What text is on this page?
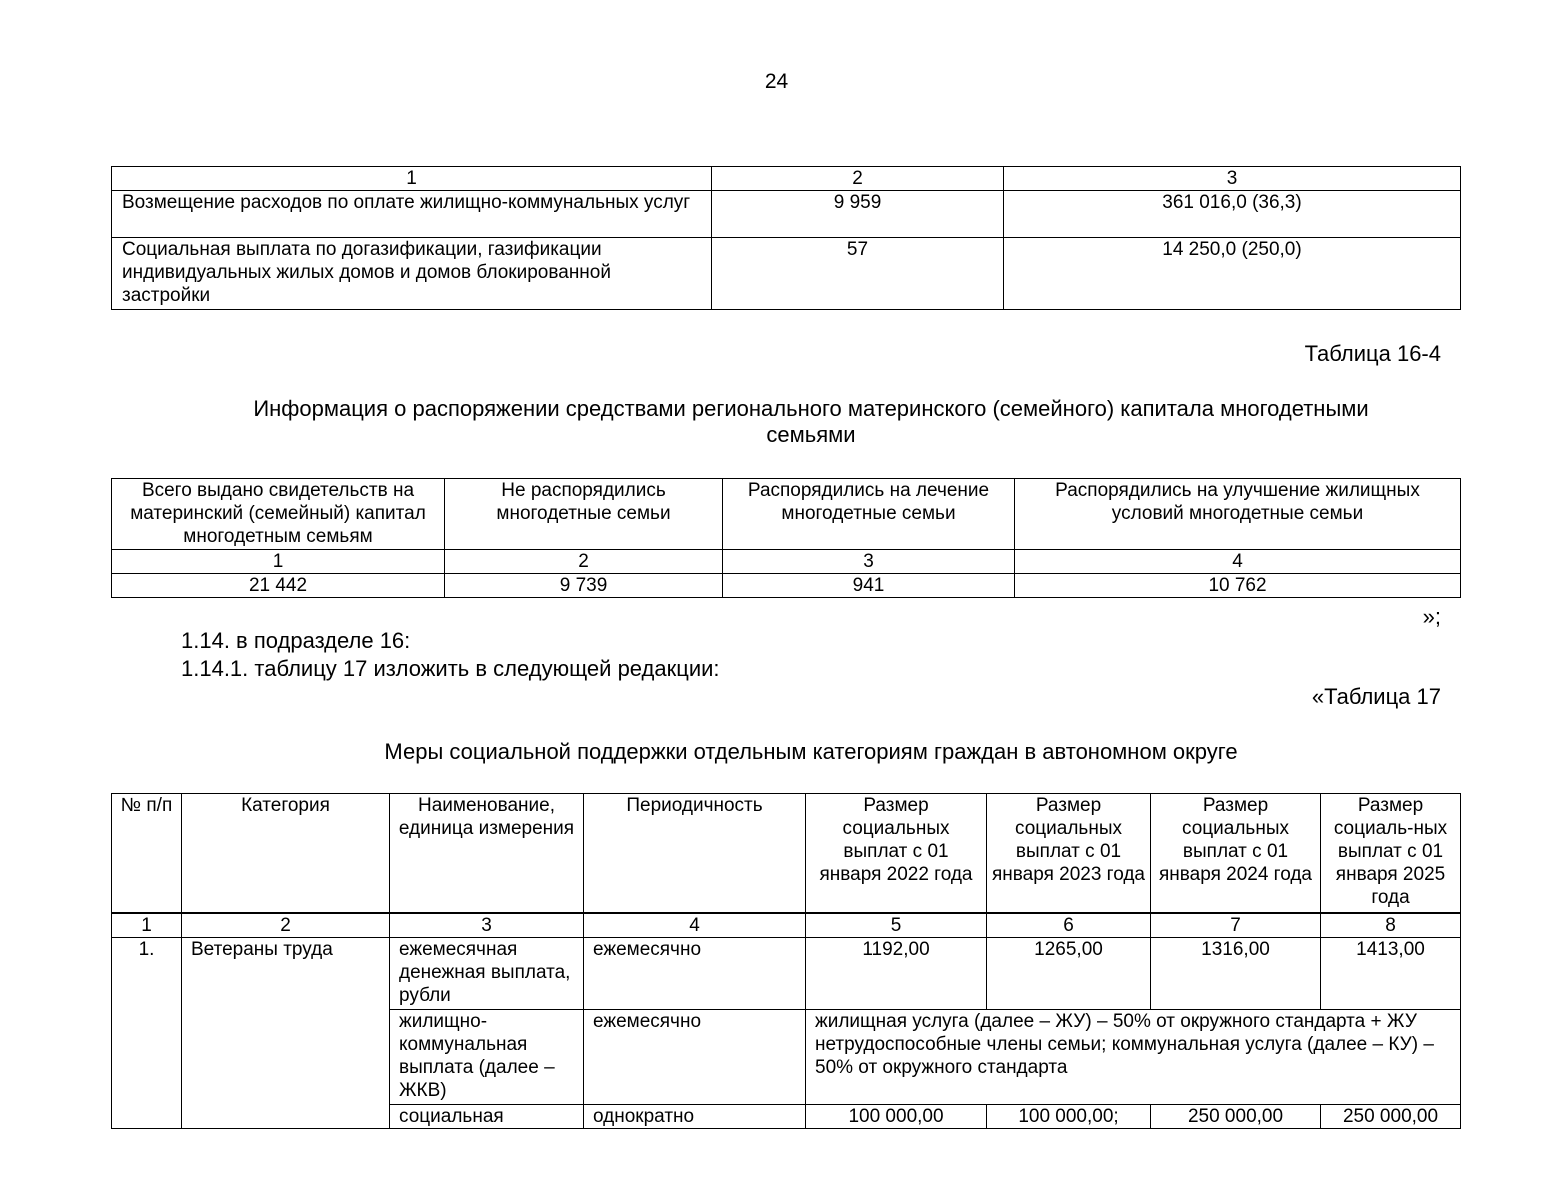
24
1	2	3
Возмещение расходов по оплате жилищно-коммунальных услуг	9 959	361 016,0 (36,3)
Социальная выплата по догазификации, газификации индивидуальных жилых домов и домов блокированной застройки	57	14 250,0 (250,0)
Таблица 16-4
Информация о распоряжении средствами регионального материнского (семейного) капитала многодетными семьями
Всего выдано свидетельств на материнский (семейный) капитал многодетным семьям	Не распорядились многодетные семьи	Распорядились на лечение многодетные семьи	Распорядились на улучшение жилищных условий многодетные семьи
1	2	3	4
21 442	9 739	941	10 762
»;
1.14. в подразделе 16:
1.14.1. таблицу 17 изложить в следующей редакции:
«Таблица 17
Меры социальной поддержки отдельным категориям граждан в автономном округе
№ п/п	Категория	Наименование, единица измерения	Периодичность	Размер социальных выплат с 01 января 2022 года	Размер социальных выплат с 01 января 2023 года	Размер социальных выплат с 01 января 2024 года	Размер социаль-ных выплат с 01 января 2025 года
1	2	3	4	5	6	7	8
1.	Ветераны труда	ежемесячная денежная выплата, рубли	ежемесячно	1192,00	1265,00	1316,00	1413,00
		жилищно-коммунальная выплата (далее – ЖКВ)	ежемесячно	жилищная услуга (далее – ЖУ) – 50% от окружного стандарта + ЖУ нетрудоспособные члены семьи; коммунальная услуга (далее – КУ) – 50% от окружного стандарта			
		социальная	однократно	100 000,00	100 000,00;	250 000,00	250 000,00
